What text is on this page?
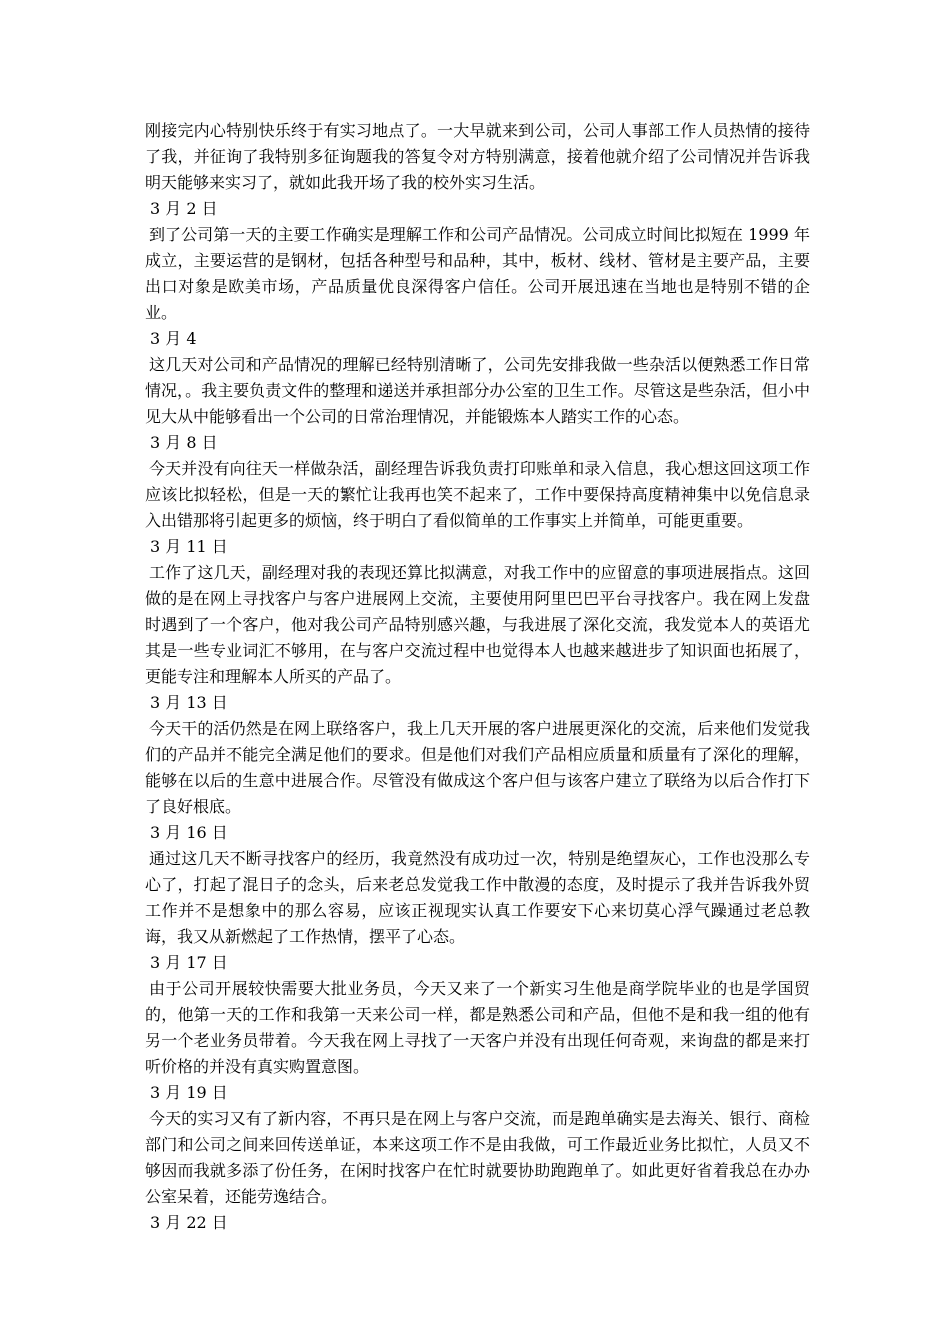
刚接完内心特别快乐终于有实习地点了。一大早就来到公司，公司人事部工作人员热情的接待了我，并征询了我特别多征询题我的答复令对方特别满意，接着他就介绍了公司情况并告诉我明天能够来实习了，就如此我开场了我的校外实习生活。

3 月 2 日

到了公司第一天的主要工作确实是理解工作和公司产品情况。公司成立时间比拟短在 1999 年成立，主要运营的是钢材，包括各种型号和品种，其中，板材、线材、管材是主要产品，主要出口对象是欧美市场，产品质量优良深得客户信任。公司开展迅速在当地也是特别不错的企业。

3 月 4

这几天对公司和产品情况的理解已经特别清晰了，公司先安排我做一些杂活以便熟悉工作日常情况，。我主要负责文件的整理和递送并承担部分办公室的卫生工作。尽管这是些杂活，但小中见大从中能够看出一个公司的日常治理情况，并能锻炼本人踏实工作的心态。

3 月 8 日

今天并没有向往天一样做杂活，副经理告诉我负责打印账单和录入信息，我心想这回这项工作应该比拟轻松，但是一天的繁忙让我再也笑不起来了，工作中要保持高度精神集中以免信息录入出错那将引起更多的烦恼，终于明白了看似简单的工作事实上并简单，可能更重要。

3 月 11 日

工作了这几天，副经理对我的表现还算比拟满意，对我工作中的应留意的事项进展指点。这回做的是在网上寻找客户与客户进展网上交流，主要使用阿里巴巴平台寻找客户。我在网上发盘时遇到了一个客户，他对我公司产品特别感兴趣，与我进展了深化交流，我发觉本人的英语尤其是一些专业词汇不够用，在与客户交流过程中也觉得本人也越来越进步了知识面也拓展了，更能专注和理解本人所买的产品了。

3 月 13 日

今天干的活仍然是在网上联络客户，我上几天开展的客户进展更深化的交流，后来他们发觉我们的产品并不能完全满足他们的要求。但是他们对我们产品相应质量和质量有了深化的理解，能够在以后的生意中进展合作。尽管没有做成这个客户但与该客户建立了联络为以后合作打下了良好根底。

3 月 16 日

通过这几天不断寻找客户的经历，我竟然没有成功过一次，特别是绝望灰心，工作也没那么专心了，打起了混日子的念头，后来老总发觉我工作中散漫的态度，及时提示了我并告诉我外贸工作并不是想象中的那么容易，应该正视现实认真工作要安下心来切莫心浮气躁通过老总教诲，我又从新燃起了工作热情，摆平了心态。

3 月 17 日

由于公司开展较快需要大批业务员，今天又来了一个新实习生他是商学院毕业的也是学国贸的，他第一天的工作和我第一天来公司一样，都是熟悉公司和产品，但他不是和我一组的他有另一个老业务员带着。今天我在网上寻找了一天客户并没有出现任何奇观，来询盘的都是来打听价格的并没有真实购置意图。

3 月 19 日

今天的实习又有了新内容，不再只是在网上与客户交流，而是跑单确实是去海关、银行、商检部门和公司之间来回传送单证，本来这项工作不是由我做，可工作最近业务比拟忙，人员又不够因而我就多添了份任务，在闲时找客户在忙时就要协助跑跑单了。如此更好省着我总在办办公室呆着，还能劳逸结合。

3 月 22 日
